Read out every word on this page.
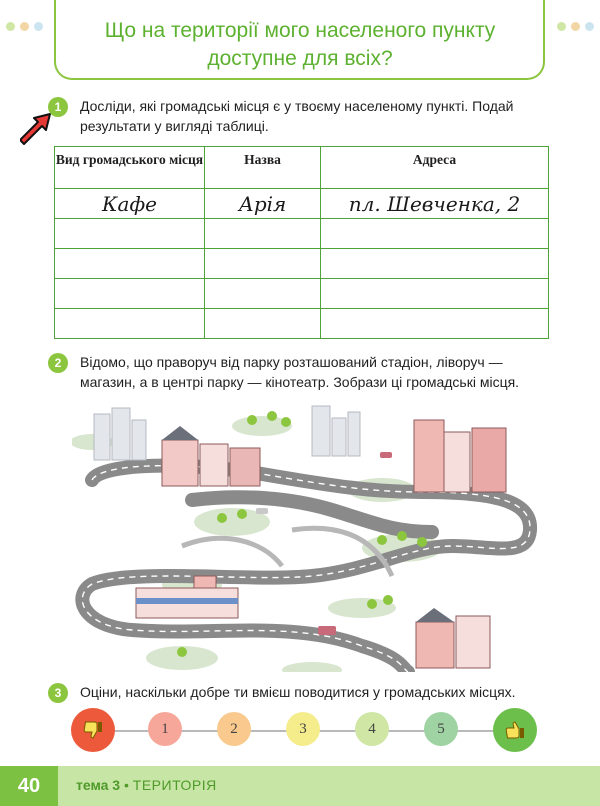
Що на території мого населеного пункту
доступне для всіх?
1	Досліди, які громадські місця є у твоєму населеному пункті. Подай
результати у вигляді таблиці.
Вид громадського місця	Назва	Адреса
Кафе	Арія	пл. Шевченка, 2

2	Відомо, що праворуч від парку розташований стадіон, ліворуч —
магазин, а в центрі парку — кінотеатр. Зобрази ці громадські місця.
3	Оціни, наскільки добре ти вмієш поводитися у громадських місцях.
1	2	3	4	5
40	тема 3 • ТЕРИТОРІЯ
